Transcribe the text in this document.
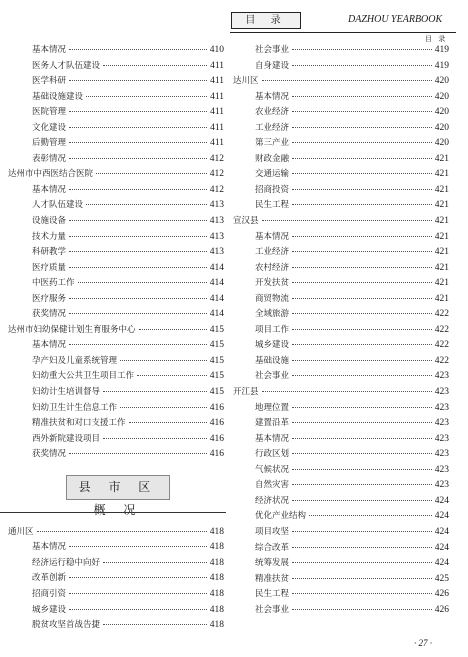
目 录	DAZHOU YEARBOOK
目 录
基本情况	410
医务人才队伍建设	411
医学科研	411
基础设施建设	411
医院管理	411
文化建设	411
后勤管理	411
表彰情况	412
达州市中西医结合医院	412
基本情况	412
人才队伍建设	413
设施设备	413
技术力量	413
科研教学	413
医疗质量	414
中医药工作	414
医疗服务	414
获奖情况	414
达州市妇幼保健计划生育服务中心	415
基本情况	415
孕产妇及儿童系统管理	415
妇幼重大公共卫生项目工作	415
妇幼计生培训督导	415
妇幼卫生计生信息工作	416
精准扶贫和对口支援工作	416
西外新院建设项目	416
获奖情况	416
县 市 区 概 况
通川区	418
基本情况	418
经济运行稳中向好	418
改革创新	418
招商引资	418
城乡建设	418
脱贫攻坚首战告捷	418
社会事业	419
自身建设	419
达川区	420
基本情况	420
农业经济	420
工业经济	420
第三产业	420
财政金融	421
交通运输	421
招商投资	421
民生工程	421
宣汉县	421
基本情况	421
工业经济	421
农村经济	421
开发扶贫	421
商贸物流	421
全域旅游	422
项目工作	422
城乡建设	422
基础设施	422
社会事业	423
开江县	423
地理位置	423
建置沿革	423
基本情况	423
行政区划	423
气候状况	423
自然灾害	423
经济状况	424
优化产业结构	424
项目攻坚	424
综合改革	424
统筹发展	424
精准扶贫	425
民生工程	426
社会事业	426
· 27 ·
